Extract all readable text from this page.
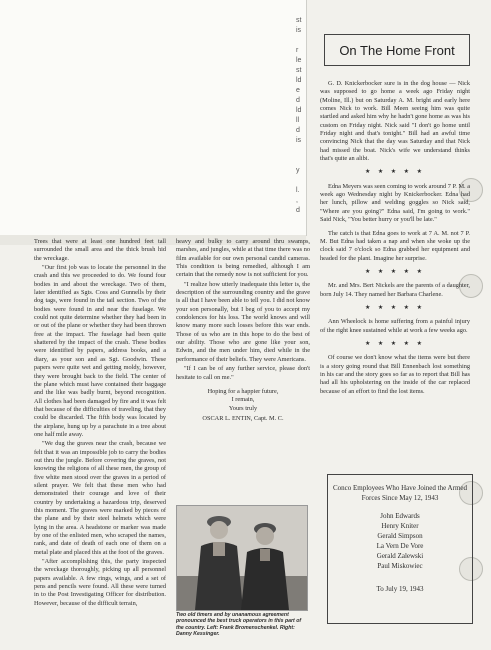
st
is

r
le
st
ld
e
d
ld
ll
d
is

y

l.
,
d

Trees that were at least one hundred feet tall surrounded the small area and the thick brush hid the wreckage.

"Our first job was to locate the personnel in the crash and this we proceeded to do. We found four bodies in and about the wreckage. Two of them, later identified as Sgts. Coss and Gunnells by their dog tags, were found in the tail section. Two of the bodies were found in and near the fuselage. We could not quite determine whether they had been in or out of the plane or whether they had been thrown free at the impact. The fuselage had been quite shattered by the impact of the crash. These bodies were identified by papers, address books, and a diary, as your son and as Sgt. Goodwin. These papers were quite wet and getting moldy, however, they were brought back to the field. The center of the plane which must have contained their baggage and the like was badly burnt, beyond recognition. All clothes had been damaged by fire and it was felt that because of the difficulties of traveling, that they could be discarded. The fifth body was located by the airplane, hung up by a parachute in a tree about one half mile away.

"We dug the graves near the crash, because we felt that it was an impossible job to carry the bodies out thru the jungle. Before covering the graves, not knowing the religions of all these men, the group of five white men stood over the graves in a period of silent prayer. We felt that these men who had demonstrated their courage and love of their country by undertaking a hazardous trip, deserved this moment. The graves were marked by pieces of the plane and by their steel helmets which were lying in the area. A headstone or marker was made by one of the enlisted men, who scraped the names, rank, and date of death of each one of them on a metal plate and placed this at the foot of the graves.

"After accomplishing this, the party inspected the wreckage thoroughly, picking up all personnel papers available. A few rings, wings, and a set of pens and pencils were found. All these were turned in to the Post Investigating Officer for distribution. However, because of the difficult terrain,

heavy and bulky to carry around thru swamps, marshes, and jungles, while at that time there was no film available for our own personal candid cameras. This condition is being remedied, although I am certain that the remedy now is not sufficient for you.

"I realize how utterly inadequate this letter is, the description of the surrounding country and the grave is all that I have been able to tell you. I did not know your son personally, but I beg of you to accept my condolences for his loss. The world knows and will know many more such losses before this war ends. Those of us who are in this hope to do the best of our ability. Those who are gone like your son, Edwin, and the men under him, died while in the performance of their beliefs. They were Americans.

"If I can be of any further service, please don't hesitate to call on me."

Hoping for a happier future,
I remain,
Yours truly
OSCAR L. ENTIN, Capt. M. C.
Two old timers and by unanamous agreement pronounced the best truck operators in this part of the country. Left: Frank Bromenschenkel. Right: Danny Kessinger.
On The Home Front

G. D. Knickerbocker sure is in the dog house — Nick was supposed to go home a week ago Friday night (Moline, Ill.) but on Saturday A. M. bright and early here comes Nick to work. Bill Meen seeing him was quite startled and asked him why he hadn't gone home as was his custom on Friday night. Nick said "I don't go home until Friday night and that's tonight." Bill had an awful time convincing Nick that the day was Saturday and that Nick had missed the boat. Nick's wife we understand thinks that's quite an alibi.

★ ★ ★ ★ ★

Edna Meyers was seen coming to work around 7 P. M. a week ago Wednesday night by Knickerbocker. Edna had her lunch, pillow and welding goggles so Nick said, "Where are you going?" Edna said, I'm going to work." Said Nick, "You better hurry or you'll be late."

The catch is that Edna goes to work at 7 A. M. not 7 P. M. But Edna had taken a nap and when she woke up the clock said 7 o'clock so Edna grabbed her equipment and headed for the plant. Imagine her surprise.

★ ★ ★ ★ ★

Mr. and Mrs. Bert Nickels are the parents of a daughter, born July 14. They named her Barbara Charlene.

★ ★ ★ ★ ★

Ann Wheelock is home suffering from a painful injury of the right knee sustained while at work a few weeks ago.

★ ★ ★ ★ ★

Of course we don't know what the items were but there is a story going round that Bill Ennenbach lost something in his car and the story goes so far as to report that Bill has had all his upholstering on the inside of the car replaced because of an effort to find the lost items.

Conco Employees Who Have Joined the Armed Forces Since May 12, 1943
John Edwards
Henry Kniter
Gerald Simpson
La Vern De Vore
Gerald Zalewski
Paul Miskowiec
To July 19, 1943
